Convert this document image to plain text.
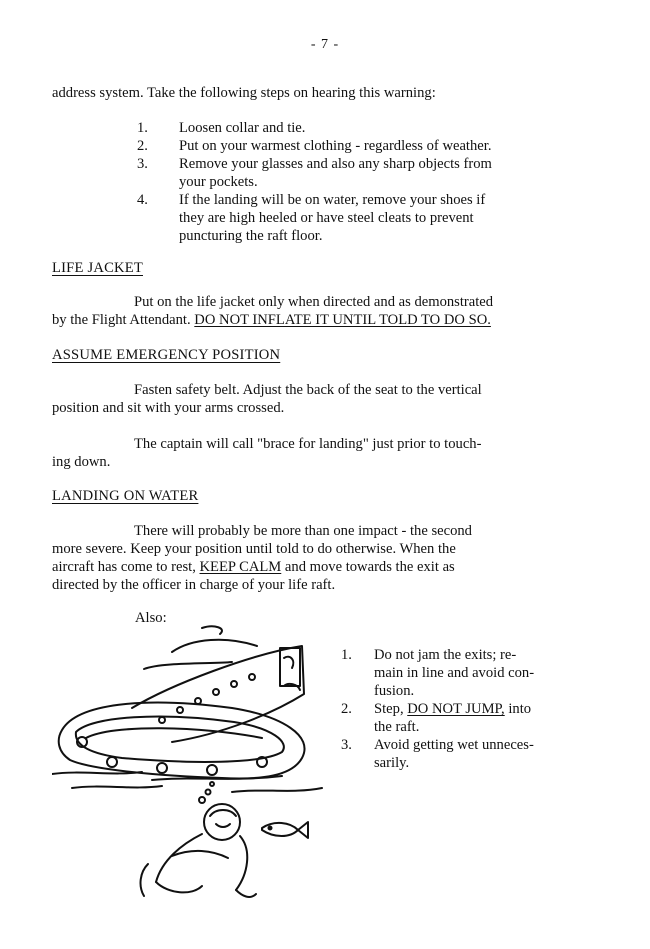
- 7 -
address system. Take the following steps on hearing this warning:
1. Loosen collar and tie.
2. Put on your warmest clothing - regardless of weather.
3. Remove your glasses and also any sharp objects from
your pockets.
4. If the landing will be on water, remove your shoes if
they are high heeled or have steel cleats to prevent
puncturing the raft floor.
LIFE JACKET
Put on the life jacket only when directed and as demonstrated
by the Flight Attendant. DO NOT INFLATE IT UNTIL TOLD TO DO SO.
ASSUME EMERGENCY POSITION
Fasten safety belt. Adjust the back of the seat to the vertical
position and sit with your arms crossed.
The captain will call "brace for landing" just prior to touch-
ing down.
LANDING ON WATER
There will probably be more than one impact - the second
more severe. Keep your position until told to do otherwise. When the
aircraft has come to rest, KEEP CALM and move towards the exit as
directed by the officer in charge of your life raft.
Also:
1. Do not jam the exits; re-
main in line and avoid con-
fusion.
2. Step, DO NOT JUMP, into
the raft.
3. Avoid getting wet unneces-
sarily.
